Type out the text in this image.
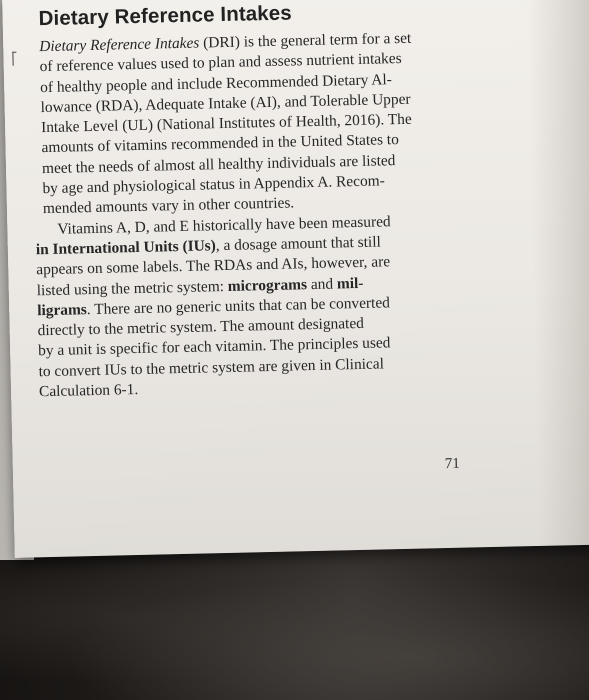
Dietary Reference Intakes
Dietary Reference Intakes (DRI) is the general term for a set
of reference values used to plan and assess nutrient intakes
of healthy people and include Recommended Dietary Al-
lowance (RDA), Adequate Intake (AI), and Tolerable Upper
Intake Level (UL) (National Institutes of Health, 2016). The
amounts of vitamins recommended in the United States to
meet the needs of almost all healthy individuals are listed
by age and physiological status in Appendix A. Recom-
mended amounts vary in other countries.
Vitamins A, D, and E historically have been measured
in International Units (IUs), a dosage amount that still
appears on some labels. The RDAs and AIs, however, are
listed using the metric system: micrograms and mil-
ligrams. There are no generic units that can be converted
directly to the metric system. The amount designated
by a unit is specific for each vitamin. The principles used
to convert IUs to the metric system are given in Clinical
Calculation 6-1.
71
